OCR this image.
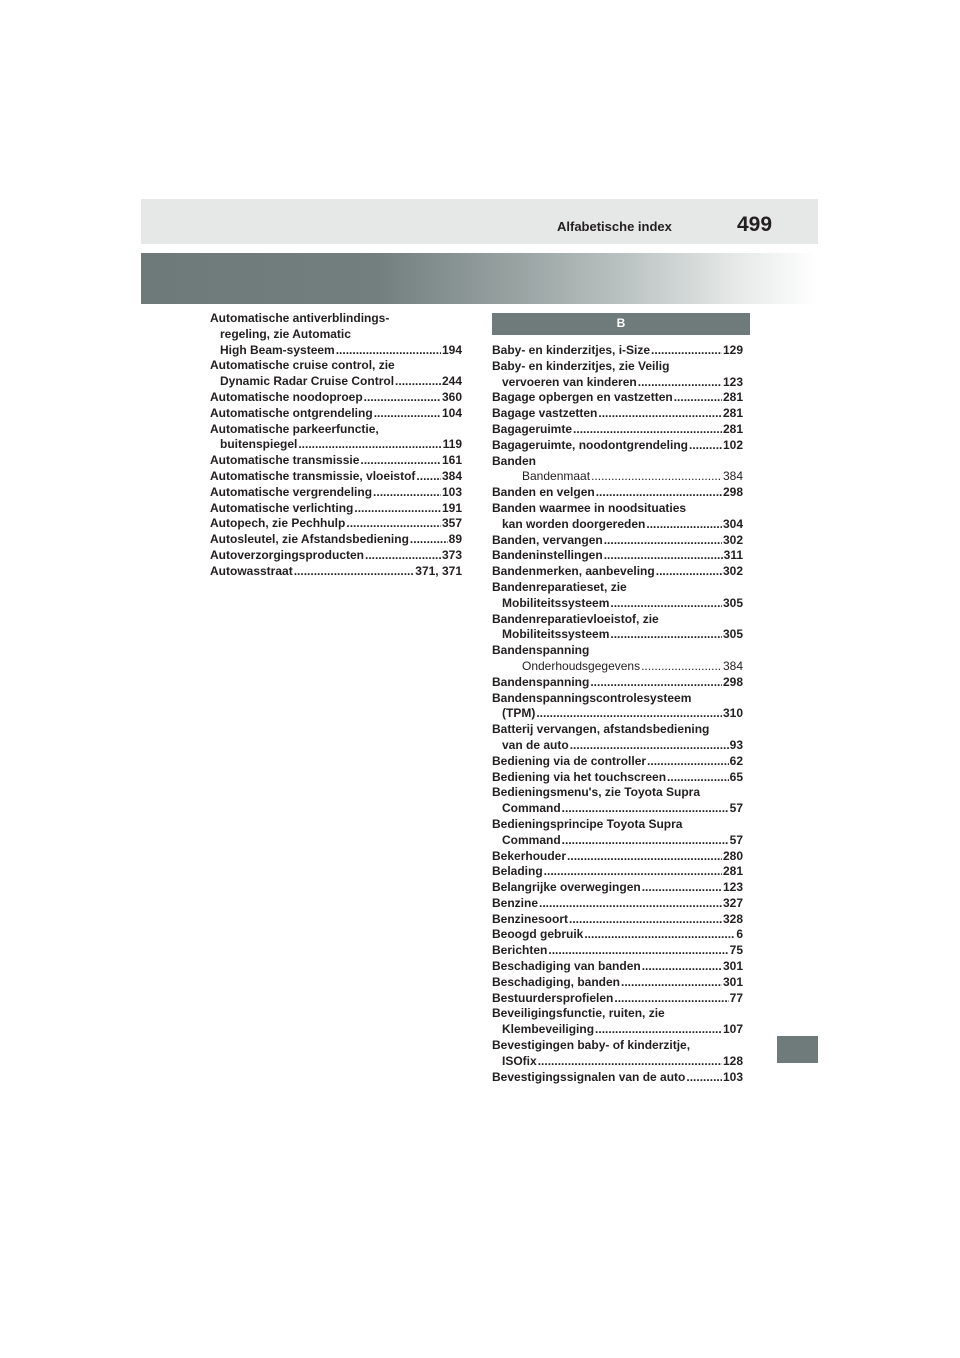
Alfabetische index	499
Automatische antiverblindings-
regeling, zie Automatic
High Beam-systeem .....	194
Automatische cruise control, zie
Dynamic Radar Cruise Control .....	244
Automatische noodoproep .....	360
Automatische ontgrendeling .....	104
Automatische parkeerfunctie,
buitenspiegel .....	119
Automatische transmissie .....	161
Automatische transmissie, vloeistof ..... 384
Automatische vergrendeling .....	103
Automatische verlichting .....	191
Autopech, zie Pechhulp .....	357
Autosleutel, zie Afstandsbediening .....	89
Autoverzorgingsproducten .....	373
Autowasstraat .....	371, 371
B
Baby- en kinderzitjes, i-Size .....	129
Baby- en kinderzitjes, zie Veilig
vervoeren van kinderen .....	123
Bagage opbergen en vastzetten .....	281
Bagage vastzetten .....	281
Bagageruimte .....	281
Bagageruimte, noodontgrendeling .....	102
Banden
Bandenmaat .....	384
Banden en velgen .....	298
Banden waarmee in noodsituaties
kan worden doorgereden .....	304
Banden, vervangen .....	302
Bandeninstellingen .....	311
Bandenmerken, aanbeveling .....	302
Bandenreparatieset, zie
Mobiliteitssysteem .....	305
Bandenreparatievloeistof, zie
Mobiliteitssysteem .....	305
Bandenspanning
Onderhoudsgegevens .....	384
Bandenspanning .....	298
Bandenspanningscontrolesysteem
(TPM) .....	310
Batterij vervangen, afstandsbediening
van de auto .....	93
Bediening via de controller .....	62
Bediening via het touchscreen .....	65
Bedieningsmenu's, zie Toyota Supra
Command .....	57
Bedieningsprincipe Toyota Supra
Command .....	57
Bekerhouder .....	280
Belading .....	281
Belangrijke overwegingen .....	123
Benzine .....	327
Benzinesoort .....	328
Beoogd gebruik .....	6
Berichten .....	75
Beschadiging van banden .....	301
Beschadiging, banden .....	301
Bestuurdersprofielen .....	77
Beveiligingsfunctie, ruiten, zie
Klembeveiliging .....	107
Bevestigingen baby- of kinderzitje,
ISOfix .....	128
Bevestigingssignalen van de auto .....	103
